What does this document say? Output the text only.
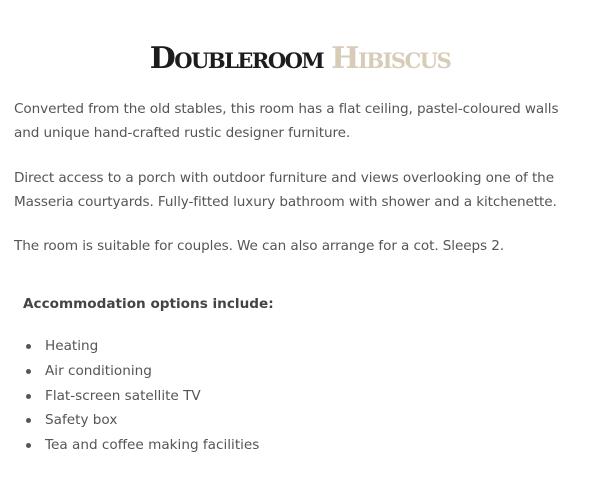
Doubleroom Hibiscus

Converted from the old stables, this room has a flat ceiling, pastel-coloured walls and unique hand-crafted rustic designer furniture.

Direct access to a porch with outdoor furniture and views overlooking one of the Masseria courtyards. Fully-fitted luxury bathroom with shower and a kitchenette.

The room is suitable for couples. We can also arrange for a cot. Sleeps 2.

Accommodation options include:
Heating
Air conditioning
Flat-screen satellite TV
Safety box
Tea and coffee making facilities
